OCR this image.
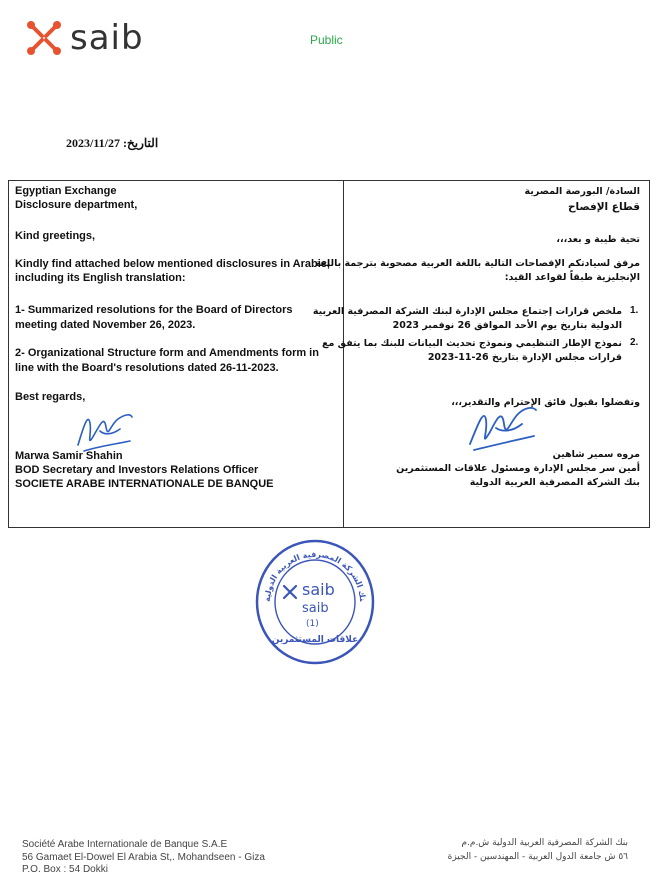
saib	Public
التاريخ: 2023/11/27
Egyptian Exchange
Disclosure department,
Kind greetings,
Kindly find attached below mentioned disclosures in Arabic,
including its English translation:
1- Summarized resolutions for the Board of Directors
meeting dated November 26, 2023.
2- Organizational Structure form and Amendments form in
line with the Board's resolutions dated 26-11-2023.
Best regards,
Marwa Samir Shahin
BOD Secretary and Investors Relations Officer
SOCIETE ARABE INTERNATIONALE DE BANQUE
السادة/ البورصة المصرية
قطاع الإفصاح
تحية طيبة و بعد،،،
مرفق لسيادتكم الإفصاحات التالية باللغة العربية مصحوبة بترجمة باللغة
الإنجليزية طبقاً لقواعد القيد:
1.
ملخص قرارات إجتماع مجلس الإدارة لبنك الشركة المصرفية العربية
الدولية بتاريخ يوم الأحد الموافق 26 نوفمبر 2023
2.
نموذج الإطار التنظيمي ونموذج تحديث البيانات للبنك بما يتفق مع
قرارات مجلس الإدارة بتاريخ 26-11-2023
وتفضلوا بقبول فائق الإحترام والتقدير،،،
مروه سمير شاهين
أمين سر مجلس الإدارة ومسئول علاقات المستثمرين
بنك الشركة المصرفية العربية الدولية
نك الشركة المصرفية العربية الدولية
saib
saib
(1)
علاقات المستثمرين
Société Arabe Internationale de Banque S.A.E
56 Gamaet El-Dowel El Arabia St,. Mohandseen - Giza
P.O. Box : 54 Dokki
بنك الشركة المصرفية العربية الدولية ش.م.م
٥٦ ش جامعة الدول العربية - المهندسين - الجيزة
